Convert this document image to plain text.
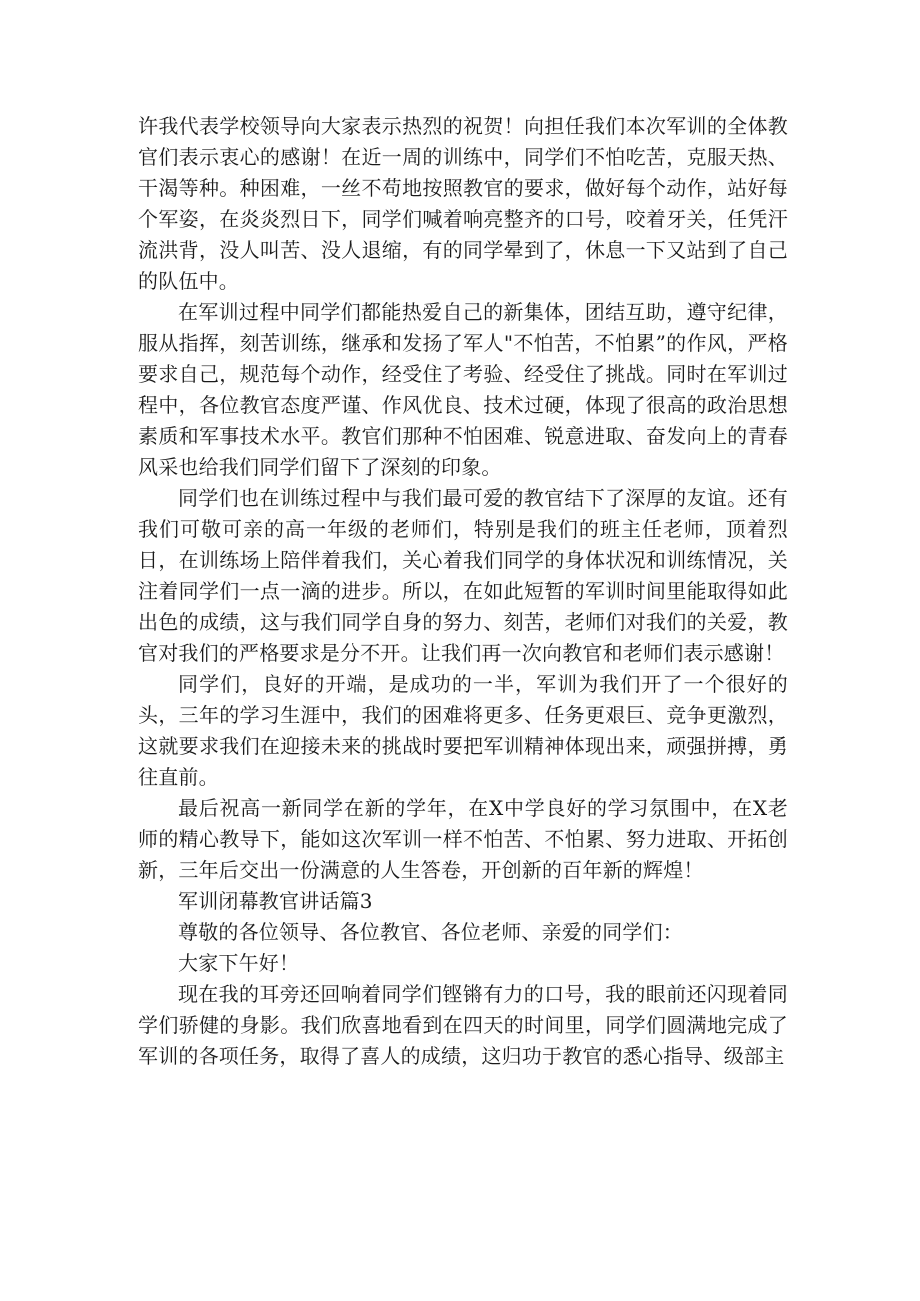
许我代表学校领导向大家表示热烈的祝贺！向担任我们本次军训的全体教官们表示衷心的感谢！在近一周的训练中，同学们不怕吃苦，克服天热、干渴等种。种困难，一丝不苟地按照教官的要求，做好每个动作，站好每个军姿，在炎炎烈日下，同学们喊着响亮整齐的口号，咬着牙关，任凭汗流洪背，没人叫苦、没人退缩，有的同学晕到了，休息一下又站到了自己的队伍中。

在军训过程中同学们都能热爱自己的新集体，团结互助，遵守纪律，服从指挥，刻苦训练，继承和发扬了军人"不怕苦，不怕累”的作风，严格要求自己，规范每个动作，经受住了考验、经受住了挑战。同时在军训过程中，各位教官态度严谨、作风优良、技术过硬，体现了很高的政治思想素质和军事技术水平。教官们那种不怕困难、锐意进取、奋发向上的青春风采也给我们同学们留下了深刻的印象。

同学们也在训练过程中与我们最可爱的教官结下了深厚的友谊。还有我们可敬可亲的高一年级的老师们，特别是我们的班主任老师，顶着烈日，在训练场上陪伴着我们，关心着我们同学的身体状况和训练情况，关注着同学们一点一滴的进步。所以，在如此短暂的军训时间里能取得如此出色的成绩，这与我们同学自身的努力、刻苦，老师们对我们的关爱，教官对我们的严格要求是分不开。让我们再一次向教官和老师们表示感谢！

同学们，良好的开端，是成功的一半，军训为我们开了一个很好的头，三年的学习生涯中，我们的困难将更多、任务更艰巨、竞争更激烈，这就要求我们在迎接未来的挑战时要把军训精神体现出来，顽强拼搏，勇往直前。

最后祝高一新同学在新的学年，在X中学良好的学习氛围中，在X老师的精心教导下，能如这次军训一样不怕苦、不怕累、努力进取、开拓创新，三年后交出一份满意的人生答卷，开创新的百年新的辉煌！

军训闭幕教官讲话篇3

尊敬的各位领导、各位教官、各位老师、亲爱的同学们：

大家下午好！

现在我的耳旁还回响着同学们铿锵有力的口号，我的眼前还闪现着同学们骄健的身影。我们欣喜地看到在四天的时间里，同学们圆满地完成了军训的各项任务，取得了喜人的成绩，这归功于教官的悉心指导、级部主
